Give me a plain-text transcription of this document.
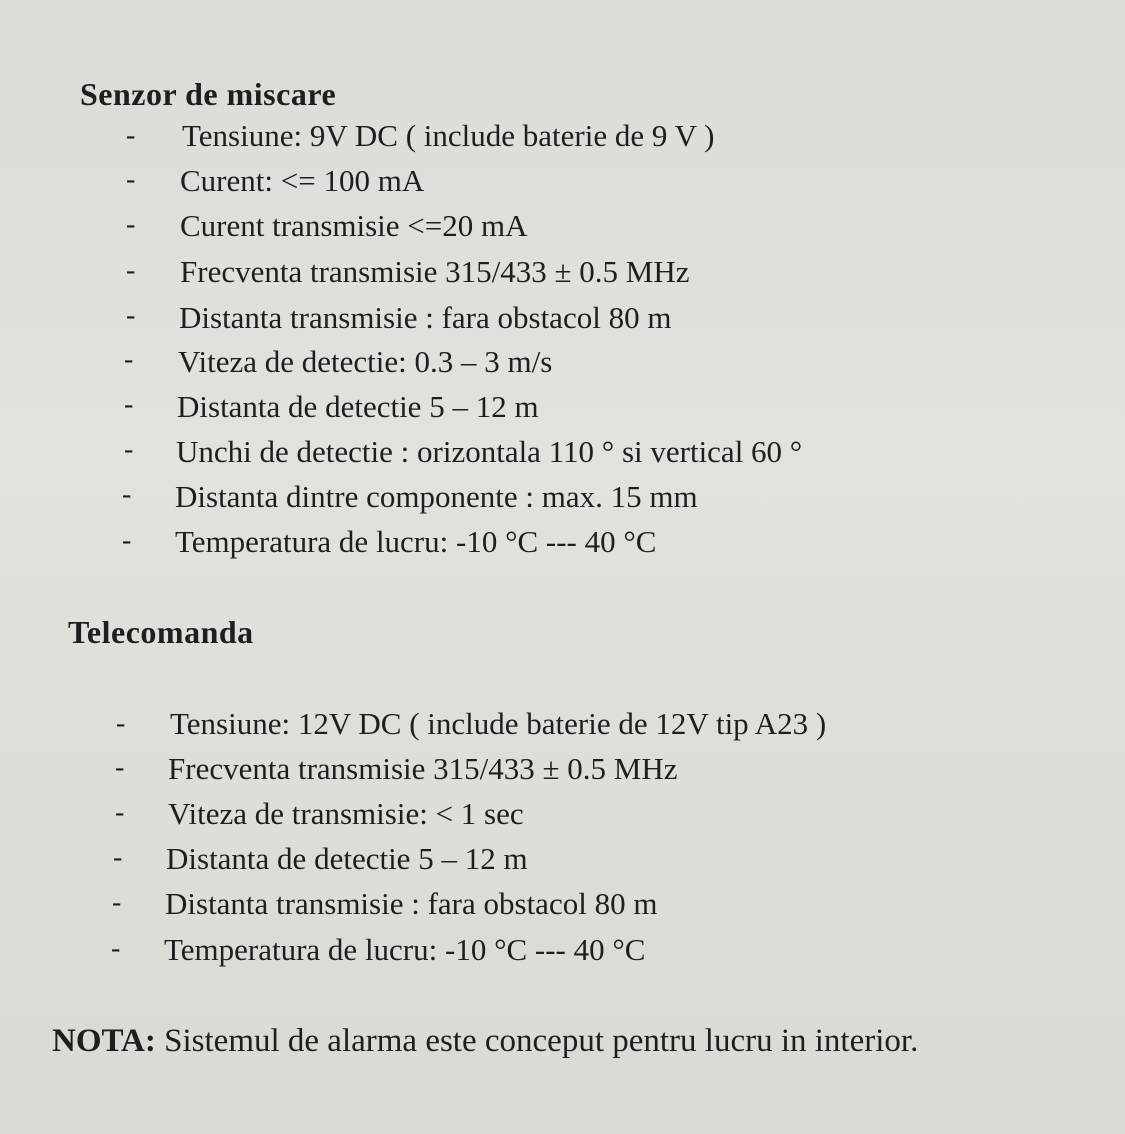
Senzor de miscare
- Tensiune: 9V DC ( include baterie de 9 V )
- Curent: <= 100 mA
- Curent transmisie <=20 mA
- Frecventa transmisie 315/433 ± 0.5 MHz
- Distanta transmisie : fara obstacol 80 m
- Viteza de detectie: 0.3 – 3 m/s
- Distanta de detectie 5 – 12 m
- Unchi de detectie : orizontala 110 ° si vertical 60 °
- Distanta dintre componente : max. 15 mm
- Temperatura de lucru: -10 °C --- 40 °C
Telecomanda
- Tensiune: 12V DC ( include baterie de 12V tip A23 )
- Frecventa transmisie 315/433 ± 0.5 MHz
- Viteza de transmisie: < 1 sec
- Distanta de detectie 5 – 12 m
- Distanta transmisie : fara obstacol 80 m
- Temperatura de lucru: -10 °C --- 40 °C
NOTA: Sistemul de alarma este conceput pentru lucru in interior.
